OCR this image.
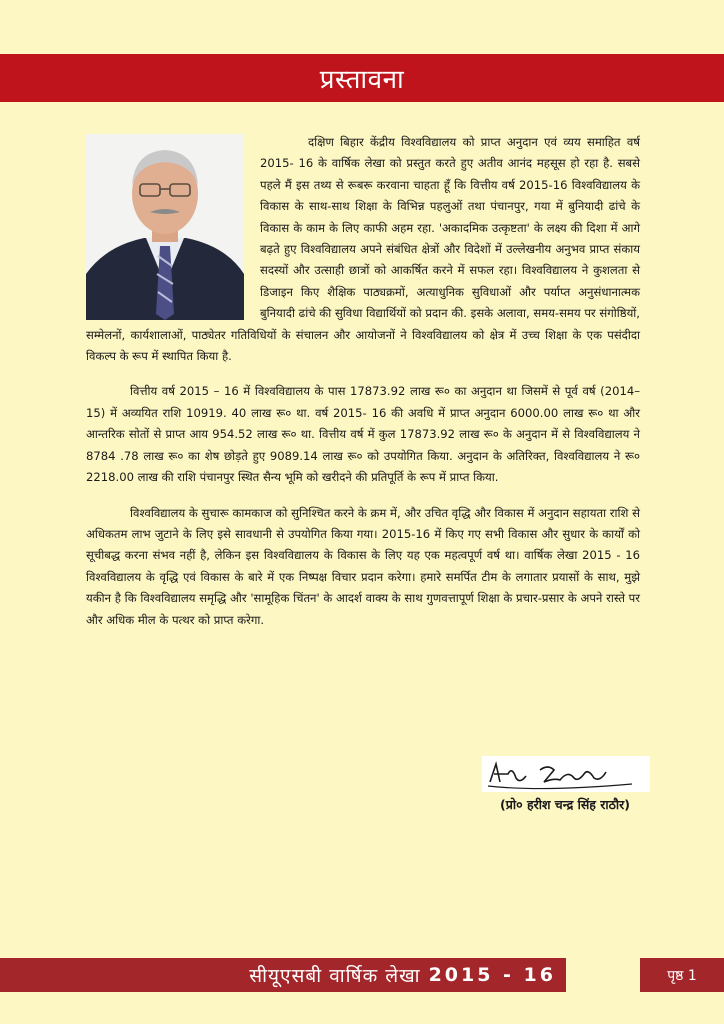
प्रस्तावना

दक्षिण बिहार केंद्रीय विश्वविद्यालय को प्राप्त अनुदान एवं व्यय समाहित वर्ष 2015- 16 के वार्षिक लेखा को प्रस्तुत करते हुए अतीव आनंद महसूस हो रहा है. सबसे पहले मैं इस तथ्य से रूबरू करवाना चाहता हूँ कि वित्तीय वर्ष 2015-16 विश्वविद्यालय के विकास के साथ-साथ शिक्षा के विभिन्न पहलुओं तथा पंचानपुर, गया में बुनियादी ढांचे के विकास के काम के लिए काफी अहम रहा. 'अकादमिक उत्कृष्टता' के लक्ष्य की दिशा में आगे बढ़ते हुए विश्वविद्यालय अपने संबंधित क्षेत्रों और विदेशों में उल्लेखनीय अनुभव प्राप्त संकाय सदस्यों और उत्साही छात्रों को आकर्षित करने में सफल रहा। विश्वविद्यालय ने कुशलता से डिजाइन किए शैक्षिक पाठ्यक्रमों, अत्याधुनिक सुविधाओं और पर्याप्त अनुसंधानात्मक बुनियादी ढांचे की सुविधा विद्यार्थियों को प्रदान की. इसके अलावा, समय-समय पर संगोष्ठियों, सम्मेलनों, कार्यशालाओं, पाठ्येतर गतिविधियों के संचालन और आयोजनों ने विश्वविद्यालय को क्षेत्र में उच्च शिक्षा के एक पसंदीदा विकल्प के रूप में स्थापित किया है.

वित्तीय वर्ष 2015 – 16 में विश्वविद्यालय के पास 17873.92 लाख रू० का अनुदान था जिसमें से पूर्व वर्ष (2014–15) में अव्ययित राशि 10919. 40 लाख रू० था. वर्ष 2015- 16 की अवधि में प्राप्त अनुदान 6000.00 लाख रू० था और आन्तरिक सोतों से प्राप्त आय 954.52 लाख रू० था. वित्तीय वर्ष में कुल 17873.92 लाख रू० के अनुदान में से विश्वविद्यालय ने 8784 .78 लाख रू० का शेष छोड़ते हुए 9089.14 लाख रू० को उपयोगित किया. अनुदान के अतिरिक्त, विश्वविद्यालय ने रू० 2218.00 लाख की राशि पंचानपुर स्थित सैन्य भूमि को खरीदने की प्रतिपूर्ति के रूप में प्राप्त किया.

विश्वविद्यालय के सुचारू कामकाज को सुनिश्चित करने के क्रम में, और उचित वृद्धि और विकास में अनुदान सहायता राशि से अधिकतम लाभ जुटाने के लिए इसे सावधानी से उपयोगित किया गया। 2015-16 में किए गए सभी विकास और सुधार के कार्यों को सूचीबद्ध करना संभव नहीं है, लेकिन इस विश्वविद्यालय के विकास के लिए यह एक महत्वपूर्ण वर्ष था। वार्षिक लेखा 2015 - 16 विश्वविद्यालय के वृद्धि एवं विकास के बारे में एक निष्पक्ष विचार प्रदान करेगा। हमारे समर्पित टीम के लगातार प्रयासों के साथ, मुझे यकीन है कि विश्वविद्यालय समृद्धि और 'सामूहिक चिंतन' के आदर्श वाक्य के साथ गुणवत्तापूर्ण शिक्षा के प्रचार-प्रसार के अपने रास्ते पर और अधिक मील के पत्थर को प्राप्त करेगा.

(प्रो० हरीश चन्द्र सिंह राठौर)
सीयूएसबी वार्षिक लेखा 2015 - 16	पृष्ठ 1
